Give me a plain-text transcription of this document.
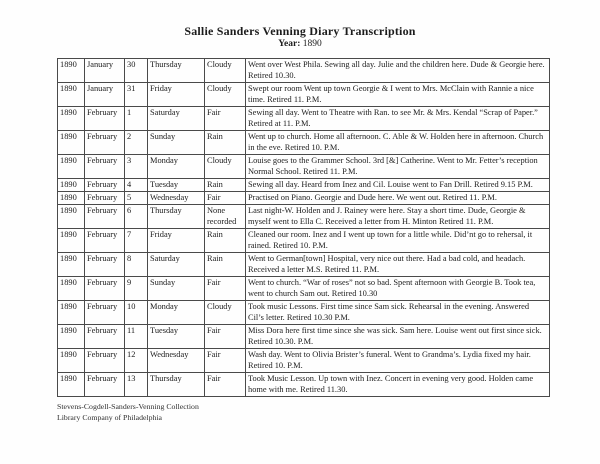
Sallie Sanders Venning Diary Transcription

Year: 1890

1890	January	30	Thursday	Cloudy	Went over West Phila. Sewing all day. Julie and the children here. Dude & Georgie here. Retired 10.30.
1890	January	31	Friday	Cloudy	Swept our room Went up town Georgie & I went to Mrs. McClain with Rannie a nice time. Retired 11. P.M.
1890	February	1	Saturday	Fair	Sewing all day. Went to Theatre with Ran. to see Mr. & Mrs. Kendal “Scrap of Paper.” Retired at 11. P.M.
1890	February	2	Sunday	Rain	Went up to church. Home all afternoon. C. Able & W. Holden here in afternoon. Church in the eve. Retired 10. P.M.
1890	February	3	Monday	Cloudy	Louise goes to the Grammer School. 3rd [&] Catherine. Went to Mr. Fetter’s reception Normal School. Retired 11. P.M.
1890	February	4	Tuesday	Rain	Sewing all day. Heard from Inez and Cil. Louise went to Fan Drill. Retired 9.15 P.M.
1890	February	5	Wednesday	Fair	Practised on Piano. Georgie and Dude here. We went out. Retired 11. P.M.
1890	February	6	Thursday	None recorded	Last night-W. Holden and J. Rainey were here. Stay a short time. Dude, Georgie & myself went to Ella C. Received a letter from H. Minton Retired 11. P.M.
1890	February	7	Friday	Rain	Cleaned our room. Inez and I went up town for a little while. Did’nt go to rehersal, it rained. Retired 10. P.M.
1890	February	8	Saturday	Rain	Went to German[town] Hospital, very nice out there. Had a bad cold, and headach. Received a letter M.S. Retired 11. P.M.
1890	February	9	Sunday	Fair	Went to church. “War of roses” not so bad. Spent afternoon with Georgie B. Took tea, went to church Sam out. Retired 10.30
1890	February	10	Monday	Cloudy	Took music Lessons. First time since Sam sick. Rehearsal in the evening. Answered Cil’s letter. Retired 10.30 P.M.
1890	February	11	Tuesday	Fair	Miss Dora here first time since she was sick. Sam here. Louise went out first since sick. Retired 10.30. P.M.
1890	February	12	Wednesday	Fair	Wash day. Went to Olivia Brister’s funeral. Went to Grandma’s. Lydia fixed my hair. Retired 10. P.M.
1890	February	13	Thursday	Fair	Took Music Lesson. Up town with Inez. Concert in evening very good. Holden came home with me. Retired 11.30.
Stevens-Cogdell-Sanders-Venning Collection
Library Company of Philadelphia
